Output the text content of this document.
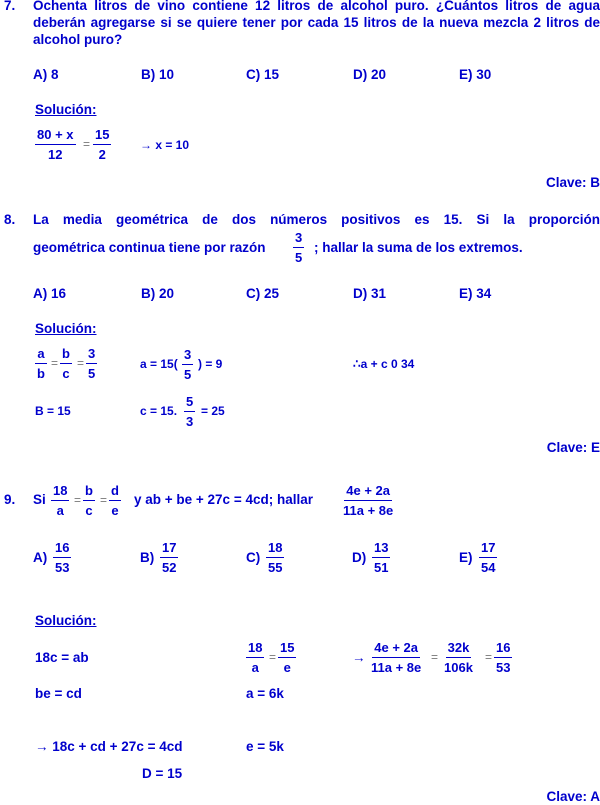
7. Ochenta litros de vino contiene 12 litros de alcohol puro. ¿Cuántos litros de agua deberán agregarse si se quiere tener por cada 15 litros de la nueva mezcla 2 litros de alcohol puro?
A) 8	B) 10	C) 15	D) 20	E) 30
Solución:
$\frac{80 + x}{12} = \frac{15}{2} \to x = 10$
Clave: B
8. La media geométrica de dos números positivos es 15. Si la proporción
geométrica continua tiene por razón $\frac{3}{5}$ ; hallar la suma de los extremos.
A) 16	B) 20	C) 25	D) 31	E) 34
Solución:
$\frac{a}{b} = \frac{b}{c} = \frac{3}{5}$	$a = 15( \frac{3}{5}$ ) = 9	∴a + c 0 34
B = 15	c = 15. $\frac{5}{3} = 25$
Clave: E
9. Si $\frac{18}{a} = \frac{b}{c} = \frac{d}{e}$ y ab + be + 27c = 4cd; hallar $\frac{4e + 2a}{11a + 8e}$
$A) \frac{16}{53}$	$B) \frac{17}{52}$	$C) \frac{18}{55}$	$D) \frac{13}{51}$	$E) \frac{17}{54}$
Solución:
18c = ab
be = cd
→ 18c + cd + 27c = 4cd
D = 15
$\frac{18}{a} = \frac{15}{e}$
a = 6k
e = 5k
→ $\frac{4e + 2a}{11a + 8e} = \frac{32k}{106k} = \frac{16}{53}$
Clave: A
